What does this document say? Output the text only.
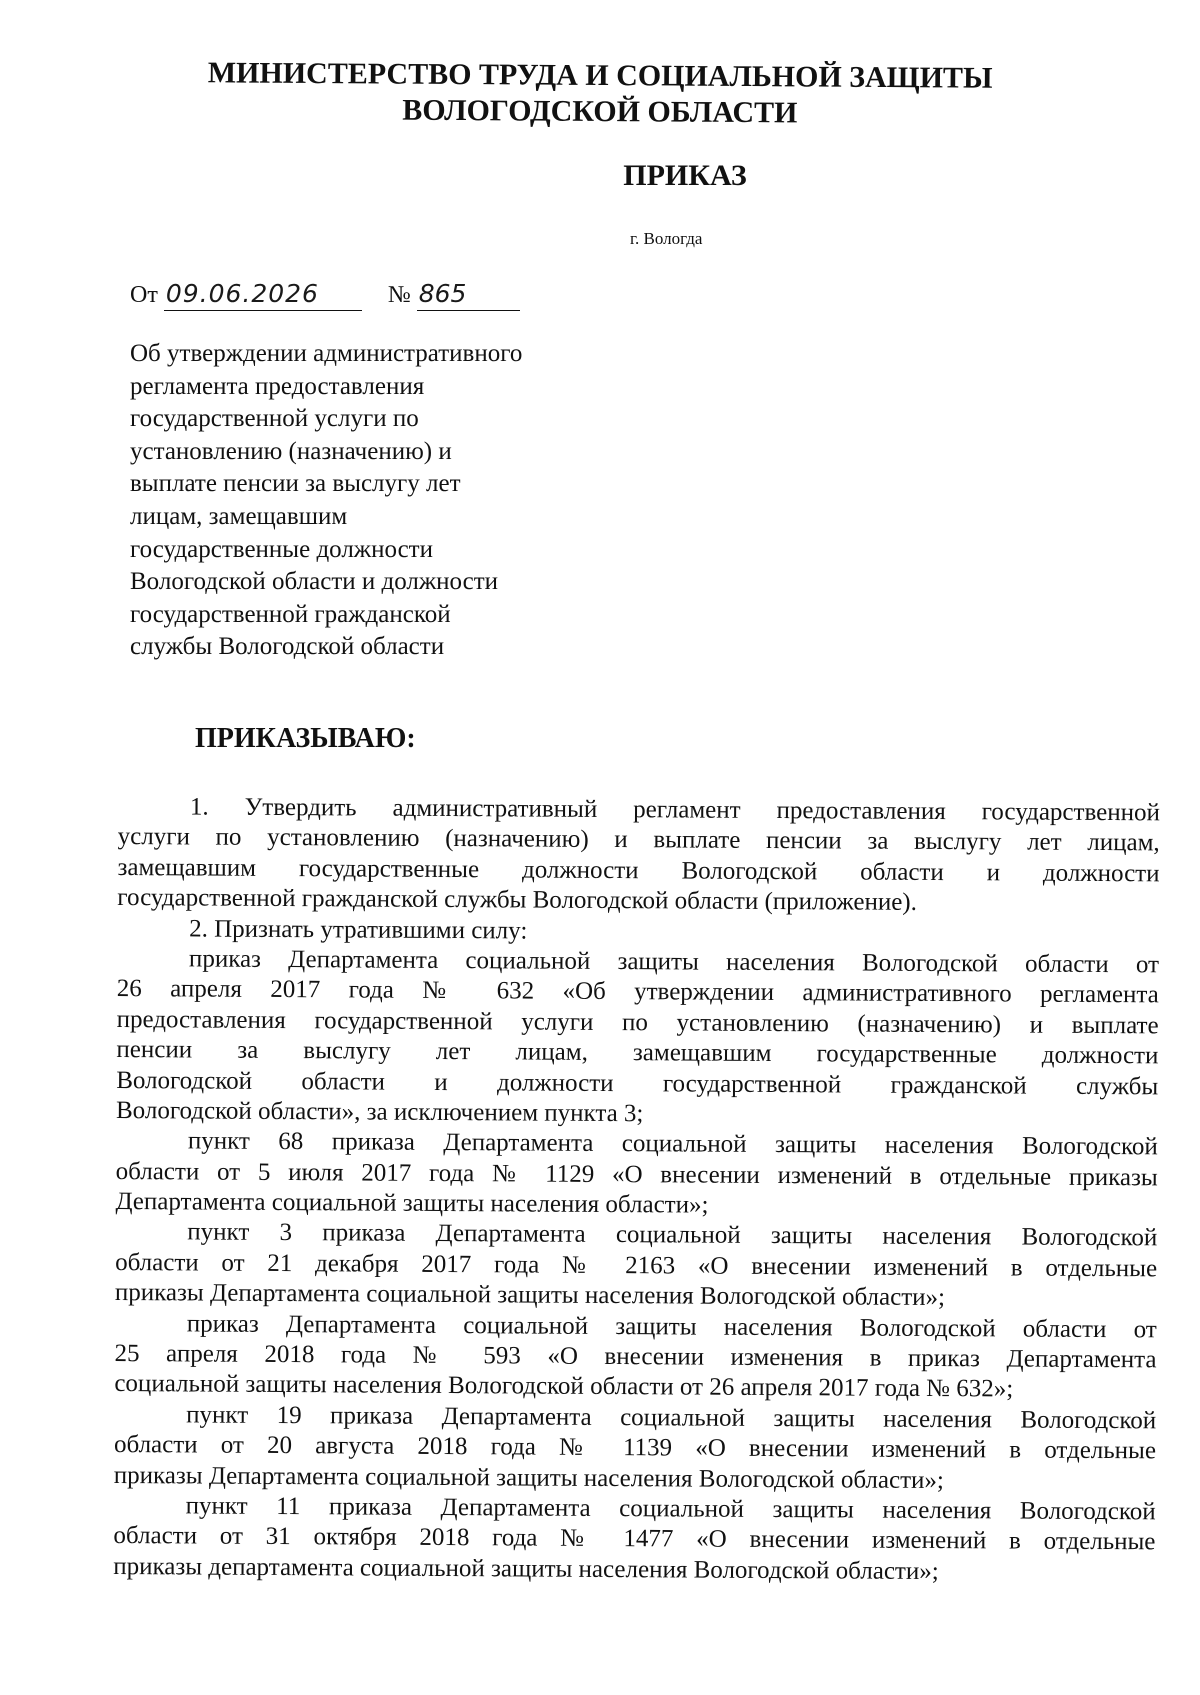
МИНИСТЕРСТВО ТРУДА И СОЦИАЛЬНОЙ ЗАЩИТЫ
ВОЛОГОДСКОЙ ОБЛАСТИ
ПРИКАЗ
г. Вологда
От 09.06.2026	№ 865
Об утверждении административного
регламента предоставления
государственной услуги по
установлению (назначению) и
выплате пенсии за выслугу лет
лицам, замещавшим
государственные должности
Вологодской области и должности
государственной гражданской
службы Вологодской области
ПРИКАЗЫВАЮ:
1. Утвердить административный регламент предоставления государственной
услуги по установлению (назначению) и выплате пенсии за выслугу лет лицам,
замещавшим государственные должности Вологодской области и должности
государственной гражданской службы Вологодской области (приложение).
2. Признать утратившими силу:
приказ Департамента социальной защиты населения Вологодской области от
26 апреля 2017 года № 632 «Об утверждении административного регламента
предоставления государственной услуги по установлению (назначению) и выплате
пенсии за выслугу лет лицам, замещавшим государственные должности
Вологодской области и должности государственной гражданской службы
Вологодской области», за исключением пункта 3;
пункт 68 приказа Департамента социальной защиты населения Вологодской
области от 5 июля 2017 года № 1129 «О внесении изменений в отдельные приказы
Департамента социальной защиты населения области»;
пункт 3 приказа Департамента социальной защиты населения Вологодской
области от 21 декабря 2017 года № 2163 «О внесении изменений в отдельные
приказы Департамента социальной защиты населения Вологодской области»;
приказ Департамента социальной защиты населения Вологодской области от
25 апреля 2018 года № 593 «О внесении изменения в приказ Департамента
социальной защиты населения Вологодской области от 26 апреля 2017 года № 632»;
пункт 19 приказа Департамента социальной защиты населения Вологодской
области от 20 августа 2018 года № 1139 «О внесении изменений в отдельные
приказы Департамента социальной защиты населения Вологодской области»;
пункт 11 приказа Департамента социальной защиты населения Вологодской
области от 31 октября 2018 года № 1477 «О внесении изменений в отдельные
приказы департамента социальной защиты населения Вологодской области»;
